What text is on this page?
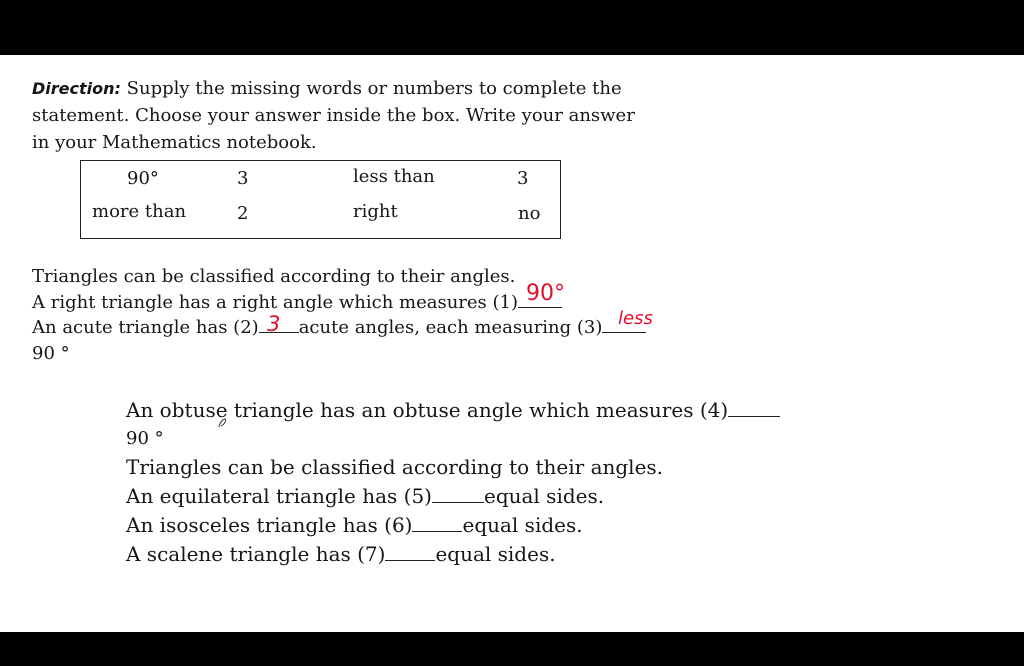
Direction: Supply the missing words or numbers to complete the
statement. Choose your answer inside the box. Write your answer
in your Mathematics notebook.
90°	3	less than	3
more than	2	right	no
Triangles can be classified according to their angles.
A right triangle has a right angle which measures (1)
An acute triangle has (2) acute angles, each measuring (3)
90 °
90°
3	less
An obtuse triangle has an obtuse angle which measures (4)
90 °
Triangles can be classified according to their angles.
An equilateral triangle has (5)	equal sides.
An isosceles triangle has (6)	equal sides.
A scalene triangle has (7)	equal sides.
